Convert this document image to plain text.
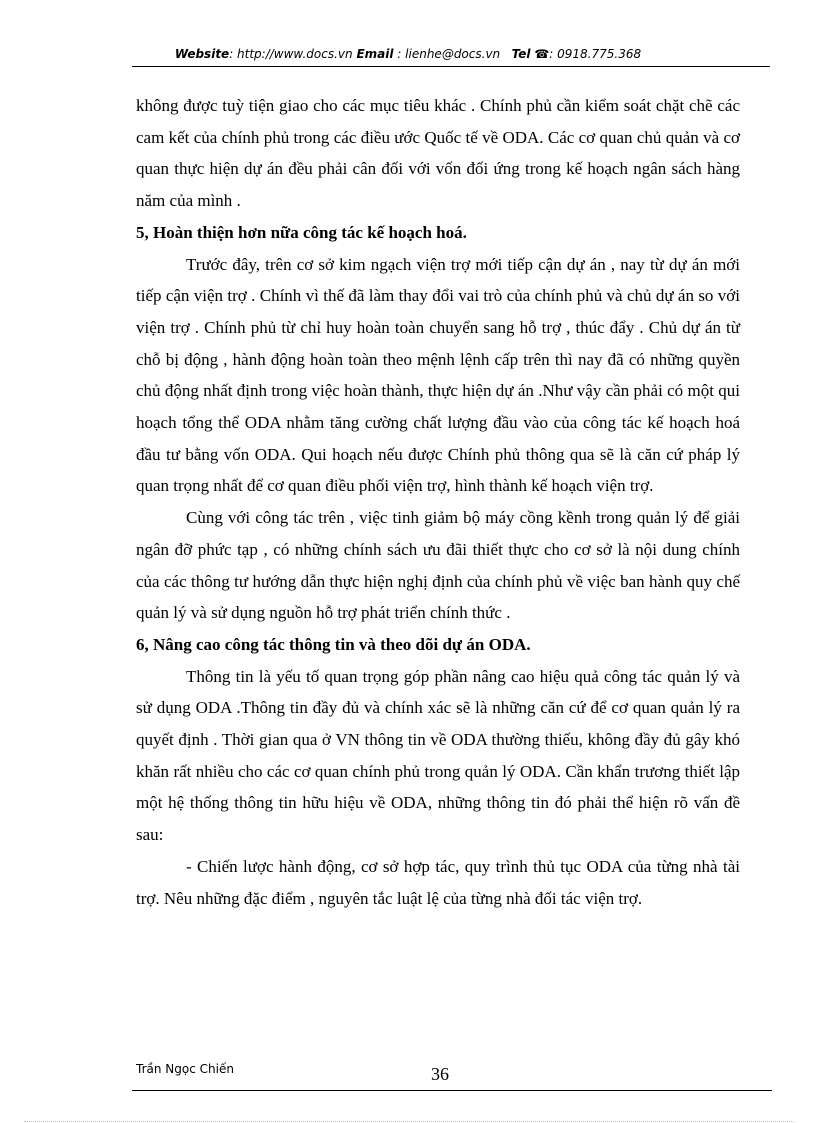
Website: http://www.docs.vn Email : lienhe@docs.vn Tel ☎: 0918.775.368

không được tuỳ tiện giao cho các mục tiêu khác . Chính phủ cần kiểm soát chặt chẽ các cam kết của chính phủ trong các điều ước Quốc tế về ODA. Các cơ quan chủ quản và cơ quan thực hiện dự án đều phải cân đối với vốn đối ứng trong kế hoạch ngân sách hàng năm của mình .

5, Hoàn thiện hơn nữa công tác kế hoạch hoá.

Trước đây, trên cơ sở kim ngạch viện trợ mới tiếp cận dự án , nay từ dự án mới tiếp cận viện trợ . Chính vì thế đã làm thay đổi vai trò của chính phủ và chủ dự án so với viện trợ . Chính phủ từ chỉ huy hoàn toàn chuyển sang hỗ trợ , thúc đẩy . Chủ dự án từ chỗ bị động , hành động hoàn toàn theo mệnh lệnh cấp trên thì nay đã có những quyền chủ động nhất định trong việc hoàn thành, thực hiện dự án .Như vậy cần phải có một qui hoạch tổng thể ODA nhằm tăng cường chất lượng đầu vào của công tác kế hoạch hoá đầu tư bằng vốn ODA. Qui hoạch nếu được Chính phủ thông qua sẽ là căn cứ pháp lý quan trọng nhất để cơ quan điều phối viện trợ, hình thành kế hoạch viện trợ.

Cùng với công tác trên , việc tinh giảm bộ máy cồng kềnh trong quản lý để giải ngân đỡ phức tạp , có những chính sách ưu đãi thiết thực cho cơ sở là nội dung chính của các thông tư hướng dẫn thực hiện nghị định của chính phủ về việc ban hành quy chế quản lý và sử dụng nguồn hỗ trợ phát triển chính thức .

6, Nâng cao công tác thông tin và theo dõi dự án ODA.

Thông tin là yếu tố quan trọng góp phần nâng cao hiệu quả công tác quản lý và sử dụng ODA .Thông tin đầy đủ và chính xác sẽ là những căn cứ để cơ quan quản lý ra quyết định . Thời gian qua ở VN thông tin về ODA thường thiếu, không đầy đủ gây khó khăn rất nhiều cho các cơ quan chính phủ trong quản lý ODA. Cần khẩn trương thiết lập một hệ thống thông tin hữu hiệu về ODA, những thông tin đó phải thể hiện rõ vấn đề sau:

- Chiến lược hành động, cơ sở hợp tác, quy trình thủ tục ODA của từng nhà tài trợ. Nêu những đặc điểm , nguyên tắc luật lệ của từng nhà đối tác viện trợ.

Trần Ngọc Chiến	36
